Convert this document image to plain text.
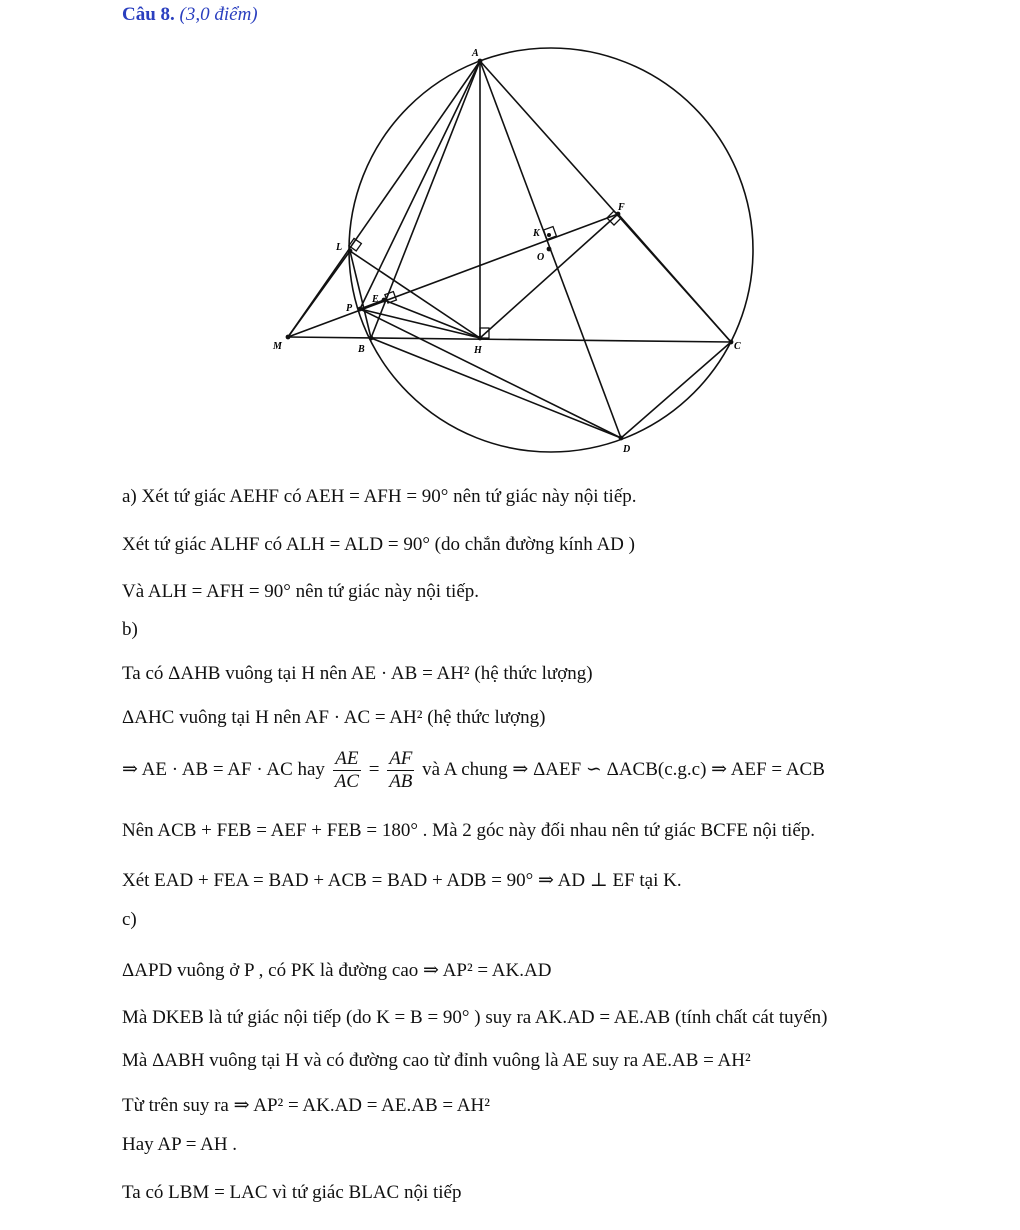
Câu 8. (3,0 điểm)
A
B	C
D
E
F
H
K
L
M
O
P
a) Xét tứ giác AEHF có AEH = AFH = 90° nên tứ giác này nội tiếp.
Xét tứ giác ALHF có ALH = ALD = 90° (do chắn đường kính AD )
Và ALH = AFH = 90° nên tứ giác này nội tiếp.
b)
Ta có ΔAHB vuông tại H nên AE · AB = AH² (hệ thức lượng)
ΔAHC vuông tại H nên AF · AC = AH² (hệ thức lượng)
⇒ AE · AB = AF · AC hay $\frac{AE}{AC} = \frac{AF}{AB}$ và A chung ⇒ ΔAEF ∽ ΔACB(c.g.c) ⇒ AEF = ACB
Nên ACB + FEB = AEF + FEB = 180° . Mà 2 góc này đối nhau nên tứ giác BCFE nội tiếp.
Xét EAD + FEA = BAD + ACB = BAD + ADB = 90° ⇒ AD ⊥ EF tại K.
c)
ΔAPD vuông ở P , có PK là đường cao ⇒ AP² = AK.AD
Mà DKEB là tứ giác nội tiếp (do K = B = 90° ) suy ra AK.AD = AE.AB (tính chất cát tuyến)
Mà ΔABH vuông tại H và có đường cao từ đỉnh vuông là AE suy ra AE.AB = AH²
Từ trên suy ra ⇒ AP² = AK.AD = AE.AB = AH²
Hay AP = AH .
Ta có LBM = LAC vì tứ giác BLAC nội tiếp
